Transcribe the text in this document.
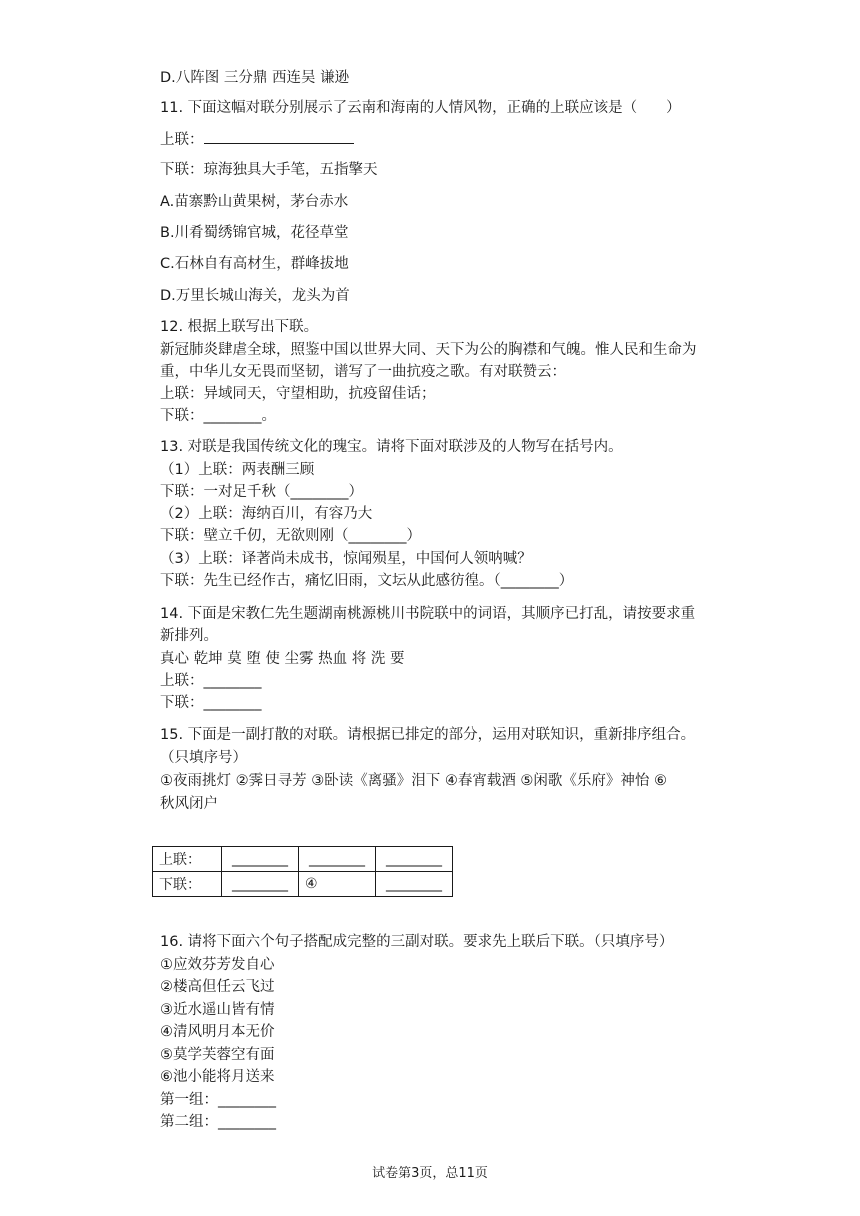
D.八阵图 三分鼎 西连吴 谦逊
11. 下面这幅对联分别展示了云南和海南的人情风物，正确的上联应该是（　　）
上联：
下联：琼海独具大手笔，五指擎天
A.苗寨黔山黄果树，茅台赤水
B.川肴蜀绣锦官城，花径草堂
C.石林自有高材生，群峰拔地
D.万里长城山海关，龙头为首
12. 根据上联写出下联。
新冠肺炎肆虐全球，照鉴中国以世界大同、天下为公的胸襟和气魄。惟人民和生命为
重，中华儿女无畏而坚韧，谱写了一曲抗疫之歌。有对联赞云：
上联：异域同天，守望相助，抗疫留佳话；
下联：________。
13. 对联是我国传统文化的瑰宝。请将下面对联涉及的人物写在括号内。
（1）上联：两表酬三顾
下联：一对足千秋（________）
（2）上联：海纳百川，有容乃大
下联：壁立千仞，无欲则刚（________）
（3）上联：译著尚未成书，惊闻殒星，中国何人领呐喊？
下联：先生已经作古，痛忆旧雨，文坛从此感彷徨。（________）
14. 下面是宋教仁先生题湖南桃源桃川书院联中的词语，其顺序已打乱，请按要求重
新排列。
真心 乾坤 莫 堕 使 尘雾 热血 将 洗 要
上联：________
下联：________
15. 下面是一副打散的对联。请根据已排定的部分，运用对联知识，重新排序组合。
（只填序号）
①夜雨挑灯 ②霁日寻芳 ③卧读《离骚》泪下 ④春宵载酒 ⑤闲歌《乐府》神怡 ⑥
秋风闭户
上联：	________	________	________
下联：	________	④	________
16. 请将下面六个句子搭配成完整的三副对联。要求先上联后下联。（只填序号）
①应效芬芳发自心
②楼高但任云飞过
③近水遥山皆有情
④清风明月本无价
⑤莫学芙蓉空有面
⑥池小能将月送来
第一组：________
第二组：________
试卷第3页，总11页
